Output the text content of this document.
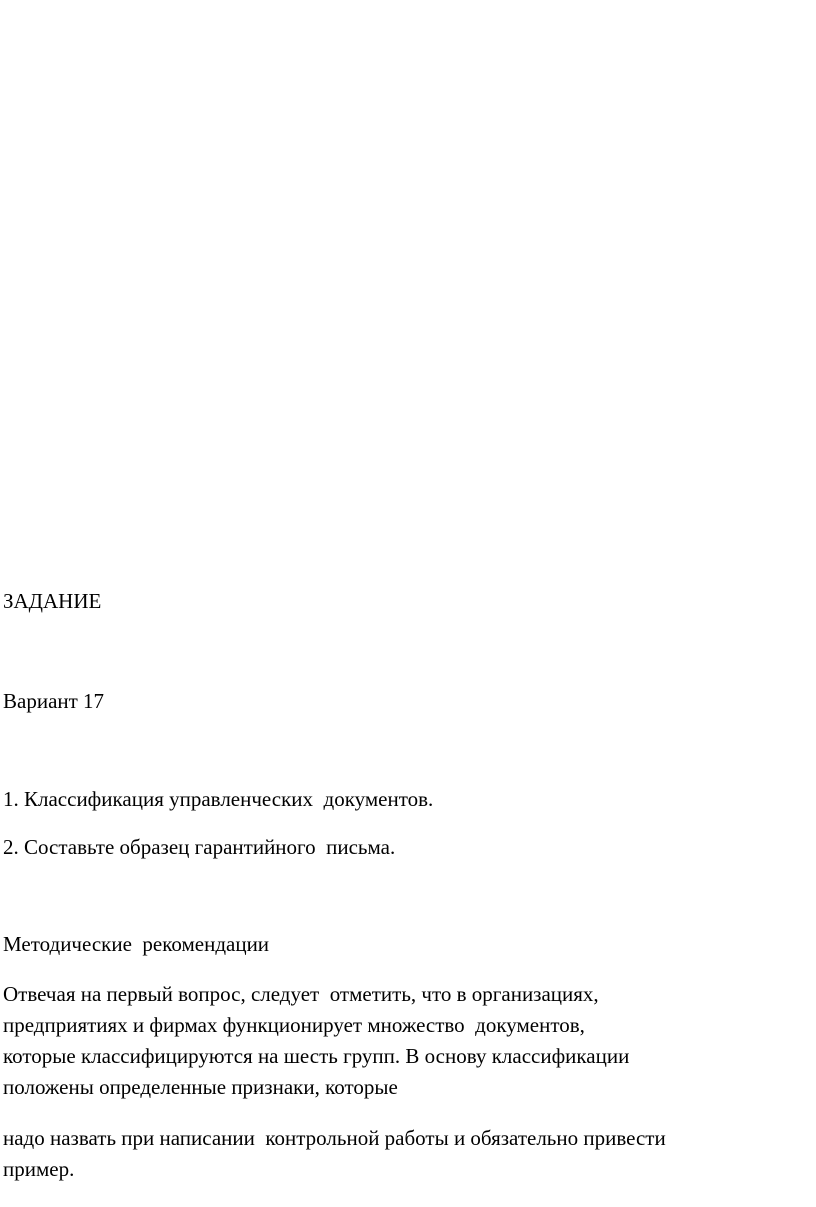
ЗАДАНИЕ

Вариант 17

1. Классификация управленческих  документов.

2. Составьте образец гарантийного  письма.

Методические  рекомендации

Отвечая на первый вопрос, следует  отметить, что в организациях,
предприятиях и фирмах функционирует множество  документов,
которые классифицируются на шесть групп. В основу классификации
положены определенные признаки, которые
надо назвать при написании  контрольной работы и обязательно привести
пример.
